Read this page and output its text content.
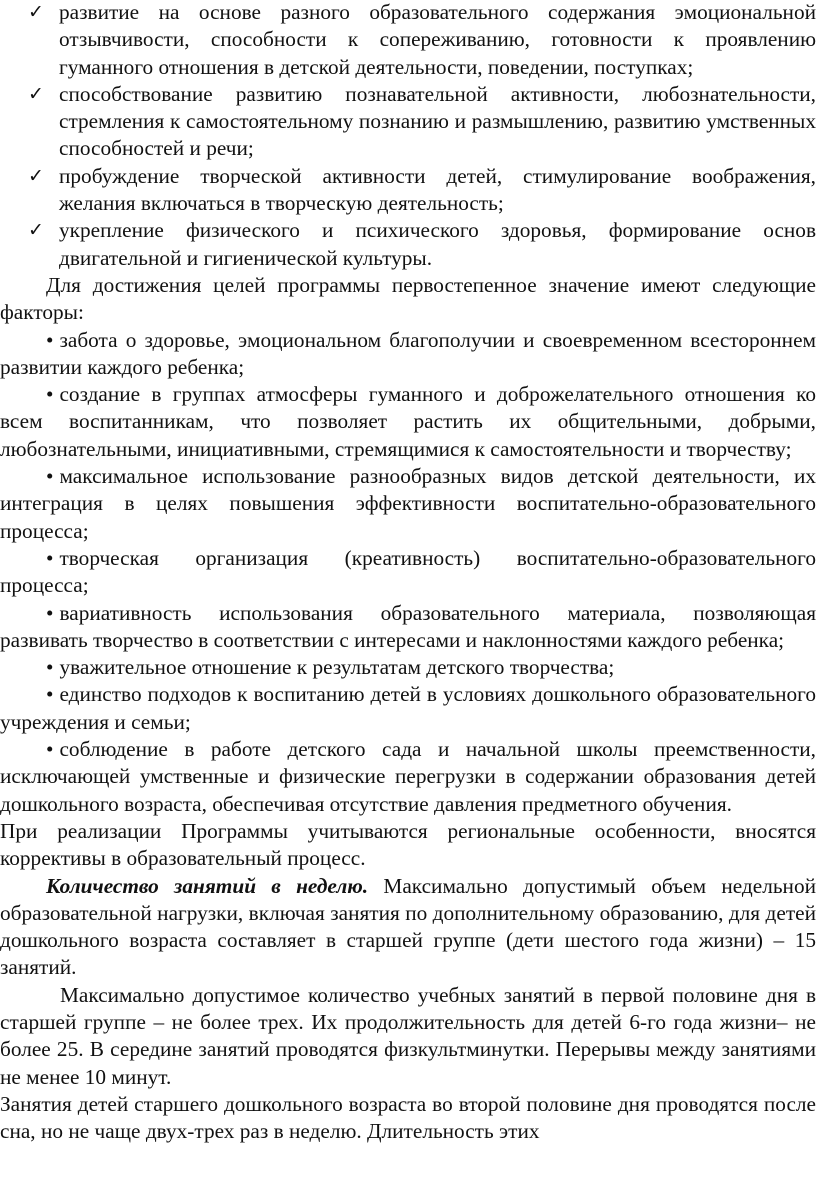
✓ развитие на основе разного образовательного содержания эмоциональной отзывчивости, способности к сопереживанию, готовности к проявлению гуманного отношения в детской деятельности, поведении, поступках;
✓ способствование развитию познавательной активности, любознательности, стремления к самостоятельному познанию и размышлению, развитию умственных способностей и речи;
✓ пробуждение творческой активности детей, стимулирование воображения, желания включаться в творческую деятельность;
✓ укрепление физического и психического здоровья, формирование основ двигательной и гигиенической культуры.

Для достижения целей программы первостепенное значение имеют следующие факторы:

• забота о здоровье, эмоциональном благополучии и своевременном всестороннем развитии каждого ребенка;

• создание в группах атмосферы гуманного и доброжелательного отношения ко всем воспитанникам, что позволяет растить их общительными, добрыми, любознательными, инициативными, стремящимися к самостоятельности и творчеству;

• максимальное использование разнообразных видов детской деятельности, их интеграция в целях повышения эффективности воспитательно-образовательного процесса;

• творческая организация (креативность) воспитательно-образовательного процесса;

• вариативность использования образовательного материала, позволяющая развивать творчество в соответствии с интересами и наклонностями каждого ребенка;

• уважительное отношение к результатам детского творчества;

• единство подходов к воспитанию детей в условиях дошкольного образовательного учреждения и семьи;

• соблюдение в работе детского сада и начальной школы преемственности, исключающей умственные и физические перегрузки в содержании образования детей дошкольного возраста, обеспечивая отсутствие давления предметного обучения.

При реализации Программы учитываются региональные особенности, вносятся коррективы в образовательный процесс.

Количество занятий в неделю. Максимально допустимый объем недельной образовательной нагрузки, включая занятия по дополнительному образованию, для детей дошкольного возраста составляет в старшей группе (дети шестого года жизни) – 15 занятий.

Максимально допустимое количество учебных занятий в первой половине дня в старшей группе – не более трех. Их продолжительность для детей 6-го года жизни– не более 25. В середине занятий проводятся физкультминутки. Перерывы между занятиями не менее 10 минут.

Занятия детей старшего дошкольного возраста во второй половине дня проводятся после сна, но не чаще двух-трех раз в неделю. Длительность этих
